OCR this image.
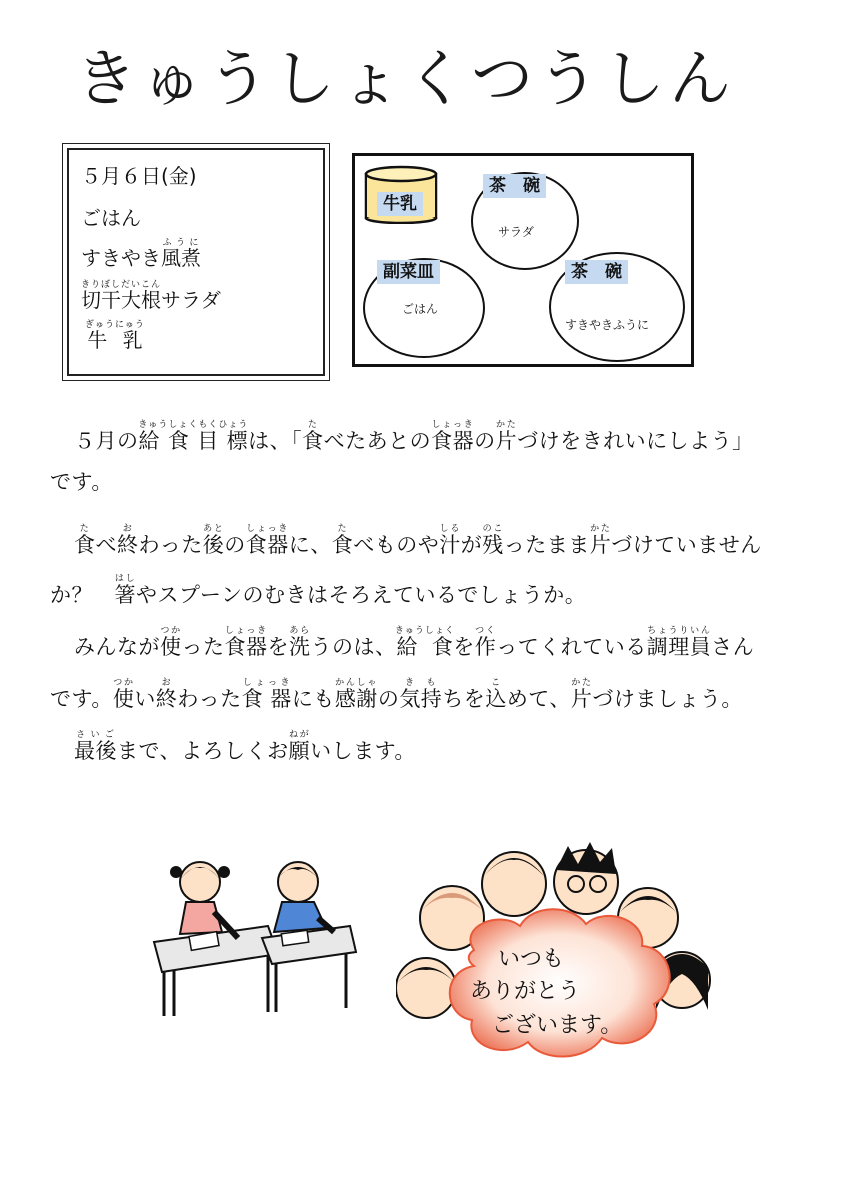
きゅうしょくつうしん
５月６日(金)
ごはん
すきやき風煮ふうに
切干大根きりぼしだいこんサラダ
牛 乳ぎゅうにゅう
牛乳
茶　碗
サラダ
副菜皿
ごはん
茶　碗
すきやきふうに
５月の給 食 目 標きゅうしょくもくひょうは、「食たべたあとの食器しょっきの片かたづけをきれいにしよう」
です。
食たべ終おわった後あとの食器しょっきに、食たべものや汁しるが残のこったまま片かたづけていません
か？　箸はしやスプーンのむきはそろえているでしょうか。
みんなが使つかった食器しょっきを洗あらうのは、給 食きゅうしょくを作つくってくれている調理員ちょうりいんさん
です。使つかい終おわった食 器しょっきにも感謝かんしゃの気持きもちを込こめて、片かたづけましょう。
最後さいごまで、よろしくお願ねがいします。
いつも
ありがとう
ございます。
